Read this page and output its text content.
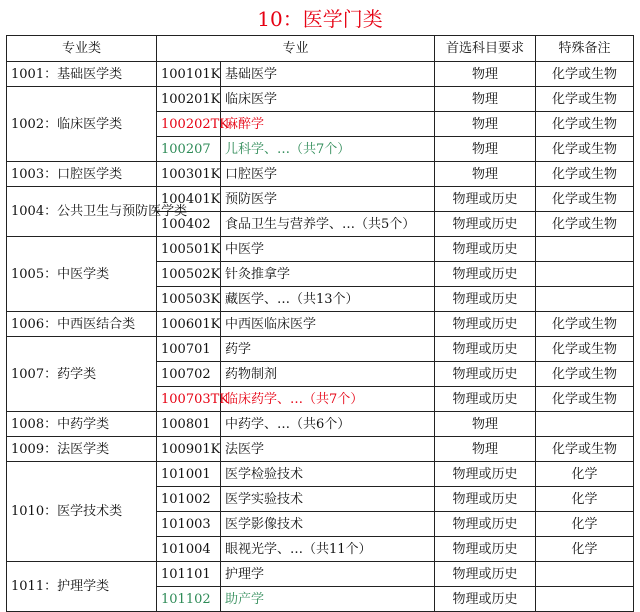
10：医学门类
专业类	专业		首选科目要求	特殊备注
1001：基础医学类	100101K	基础医学	物理	化学或生物
1002：临床医学类	100201K	临床医学	物理	化学或生物
	100202TK	麻醉学	物理	化学或生物
	100207	儿科学、…（共7个）	物理	化学或生物
1003：口腔医学类	100301K	口腔医学	物理	化学或生物
1004：公共卫生与预防医学类	100401K	预防医学	物理或历史	化学或生物
	100402	食品卫生与营养学、…（共5个）	物理或历史	化学或生物
1005：中医学类	100501K	中医学	物理或历史	
	100502K	针灸推拿学	物理或历史	
	100503K	藏医学、…（共13个）	物理或历史	
1006：中西医结合类	100601K	中西医临床医学	物理或历史	化学或生物
1007：药学类	100701	药学	物理或历史	化学或生物
	100702	药物制剂	物理或历史	化学或生物
	100703TK	临床药学、…（共7个）	物理或历史	化学或生物
1008：中药学类	100801	中药学、…（共6个）	物理	
1009：法医学类	100901K	法医学	物理	化学或生物
1010：医学技术类	101001	医学检验技术	物理或历史	化学
	101002	医学实验技术	物理或历史	化学
	101003	医学影像技术	物理或历史	化学
	101004	眼视光学、…（共11个）	物理或历史	化学
1011：护理学类	101101	护理学	物理或历史	
	101102	助产学	物理或历史	
